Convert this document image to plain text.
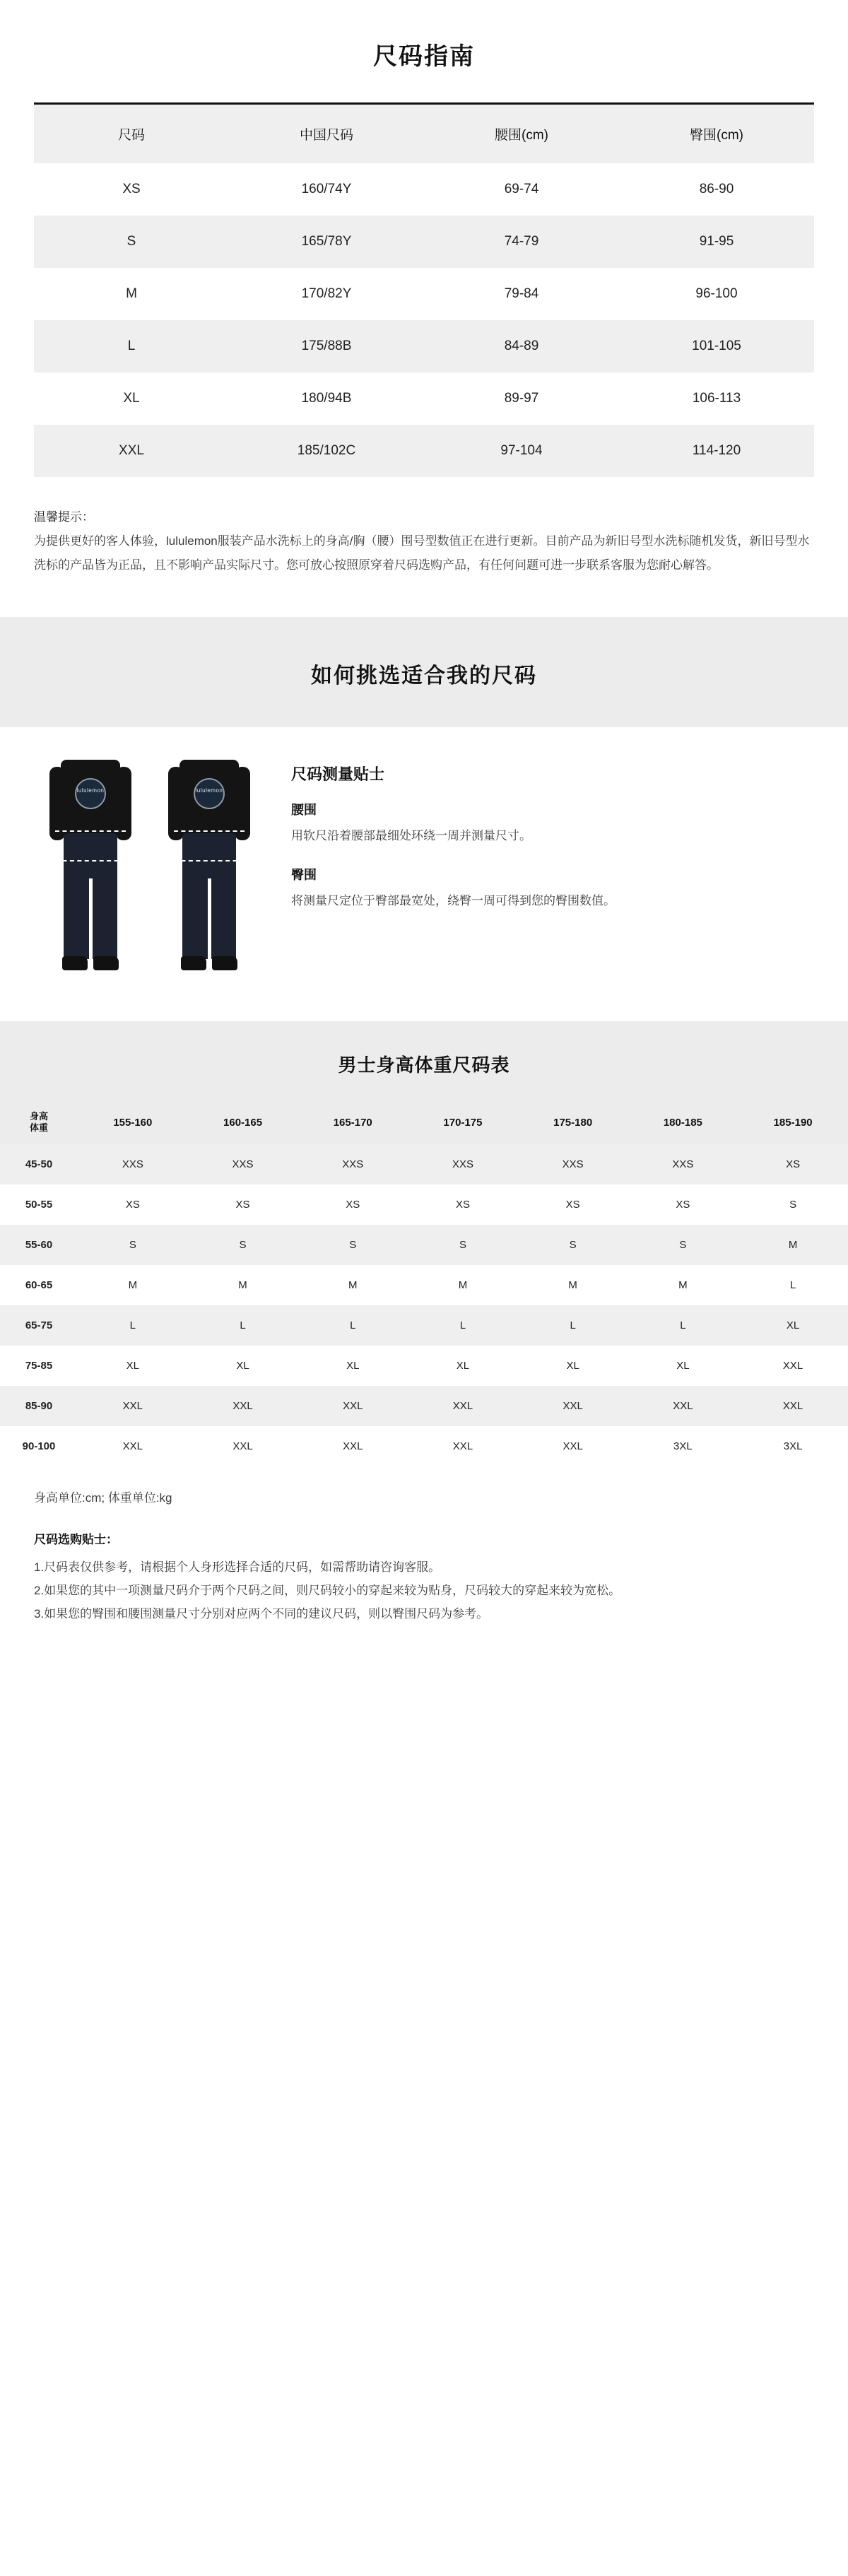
尺码指南
尺码	中国尺码	腰围(cm)	臀围(cm)
XS	160/74Y	69-74	86-90
S	165/78Y	74-79	91-95
M	170/82Y	79-84	96-100
L	175/88B	84-89	101-105
XL	180/94B	89-97	106-113
XXL	185/102C	97-104	114-120
温馨提示：

为提供更好的客人体验，lululemon服装产品水洗标上的身高/胸（腰）围号型数值正在进行更新。目前产品为新旧号型水洗标随机发货，新旧号型水洗标的产品皆为正品，且不影响产品实际尺寸。您可放心按照原穿着尺码选购产品，有任何问题可进一步联系客服为您耐心解答。

如何挑选适合我的尺码
lululemon	lululemon
尺码测量贴士
腰围

用软尺沿着腰部最细处环绕一周并测量尺寸。

臀围

将测量尺定位于臀部最宽处，绕臀一周可得到您的臀围数值。

男士身高体重尺码表
身高
体重	155-160	160-165	165-170	170-175	175-180	180-185	185-190
45-50	XXS	XXS	XXS	XXS	XXS	XXS	XS
50-55	XS	XS	XS	XS	XS	XS	S
55-60	S	S	S	S	S	S	M
60-65	M	M	M	M	M	M	L
65-75	L	L	L	L	L	L	XL
75-85	XL	XL	XL	XL	XL	XL	XXL
85-90	XXL	XXL	XXL	XXL	XXL	XXL	XXL
90-100	XXL	XXL	XXL	XXL	XXL	3XL	3XL

身高单位:cm; 体重单位:kg

尺码选购贴士：

1.尺码表仅供参考，请根据个人身形选择合适的尺码，如需帮助请咨询客服。

2.如果您的其中一项测量尺码介于两个尺码之间，则尺码较小的穿起来较为贴身，尺码较大的穿起来较为宽松。

3.如果您的臀围和腰围测量尺寸分别对应两个不同的建议尺码，则以臀围尺码为参考。
